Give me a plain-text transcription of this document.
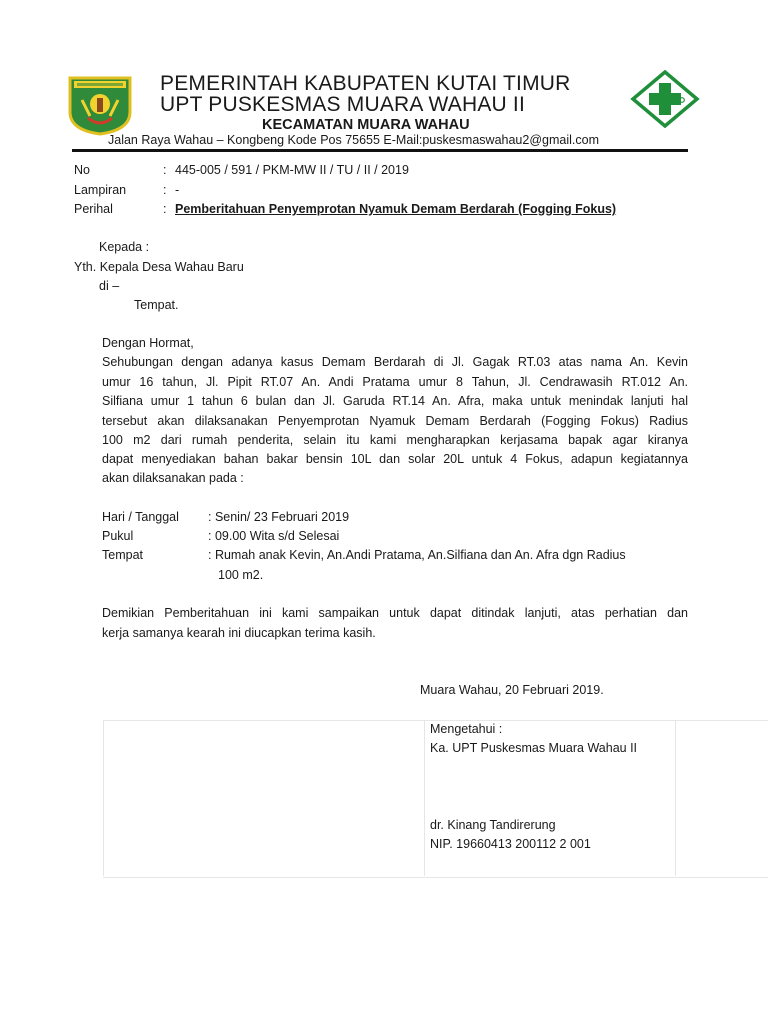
PEMERINTAH KABUPATEN KUTAI TIMUR
UPT PUSKESMAS MUARA WAHAU II
KECAMATAN MUARA WAHAU
Jalan Raya Wahau – Kongbeng Kode Pos 75655 E-Mail:puskesmaswahau2@gmail.com
No	: 445-005 / 591 / PKM-MW II / TU / II / 2019
Lampiran	: -
Perihal	: Pemberitahuan Penyemprotan Nyamuk Demam Berdarah (Fogging Fokus)
Kepada :
Yth. Kepala Desa Wahau Baru
di –
Tempat.
Dengan Hormat,
Sehubungan dengan adanya kasus Demam Berdarah di Jl. Gagak RT.03 atas nama An. Kevin
umur 16 tahun, Jl. Pipit RT.07 An. Andi Pratama umur 8 Tahun, Jl. Cendrawasih RT.012 An.
Silfiana umur 1 tahun 6 bulan dan Jl. Garuda RT.14 An. Afra, maka untuk menindak lanjuti hal
tersebut akan dilaksanakan Penyemprotan Nyamuk Demam Berdarah (Fogging Fokus) Radius
100 m2 dari rumah penderita, selain itu kami mengharapkan kerjasama bapak agar kiranya
dapat menyediakan bahan bakar bensin 10L dan solar 20L untuk 4 Fokus, adapun kegiatannya
akan dilaksanakan pada :
Hari / Tanggal : Senin/ 23 Februari 2019
Pukul	: 09.00 Wita s/d Selesai
Tempat	: Rumah anak Kevin, An.Andi Pratama, An.Silfiana dan An. Afra dgn Radius
100 m2.
Demikian Pemberitahuan ini kami sampaikan untuk dapat ditindak lanjuti, atas perhatian dan
kerja samanya kearah ini diucapkan terima kasih.
Muara Wahau, 20 Februari 2019.
Mengetahui :
Ka. UPT Puskesmas Muara Wahau II
dr. Kinang Tandirerung
NIP. 19660413 200112 2 001
